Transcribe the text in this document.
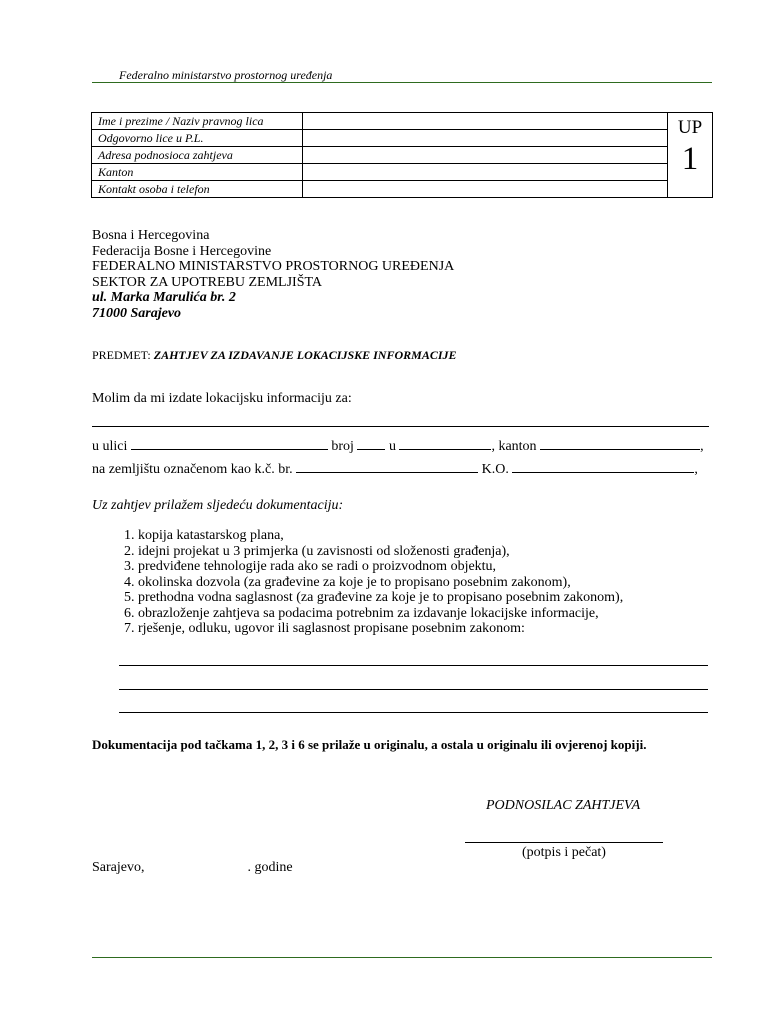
Federalno ministarstvo prostornog uređenja
Ime i prezime / Naziv pravnog lica		UP
1

Odgovorno lice u P.L.		
Adresa podnosioca zahtjeva		
Kanton		
Kontakt osoba i telefon		
Bosna i Hercegovina
Federacija Bosne i Hercegovine
FEDERALNO MINISTARSTVO PROSTORNOG UREĐENJA
SEKTOR ZA UPOTREBU ZEMLJIŠTA
ul. Marka Marulića br. 2
71000 Sarajevo
PREDMET: ZAHTJEV ZA IZDAVANJE LOKACIJSKE INFORMACIJE
Molim da mi izdate lokacijsku informaciju za:
u ulici	broj	u	, kanton	,
na zemljištu označenom kao k.č. br.	K.O.	,
Uz zahtjev prilažem sljedeću dokumentaciju:
1. kopija katastarskog plana,
2. idejni projekat u 3 primjerka (u zavisnosti od složenosti građenja),
3. predviđene tehnologije rada ako se radi o proizvodnom objektu,
4. okolinska dozvola (za građevine za koje je to propisano posebnim zakonom),
5. prethodna vodna saglasnost (za građevine za koje je to propisano posebnim zakonom),
6. obrazloženje zahtjeva sa podacima potrebnim za izdavanje lokacijske informacije,
7. rješenje, odluku, ugovor ili saglasnost propisane posebnim zakonom:
Dokumentacija pod tačkama 1, 2, 3 i 6 se prilaže u originalu, a ostala u originalu ili ovjerenoj kopiji.
PODNOSILAC ZAHTJEVA
(potpis i pečat)
Sarajevo,	. godine
